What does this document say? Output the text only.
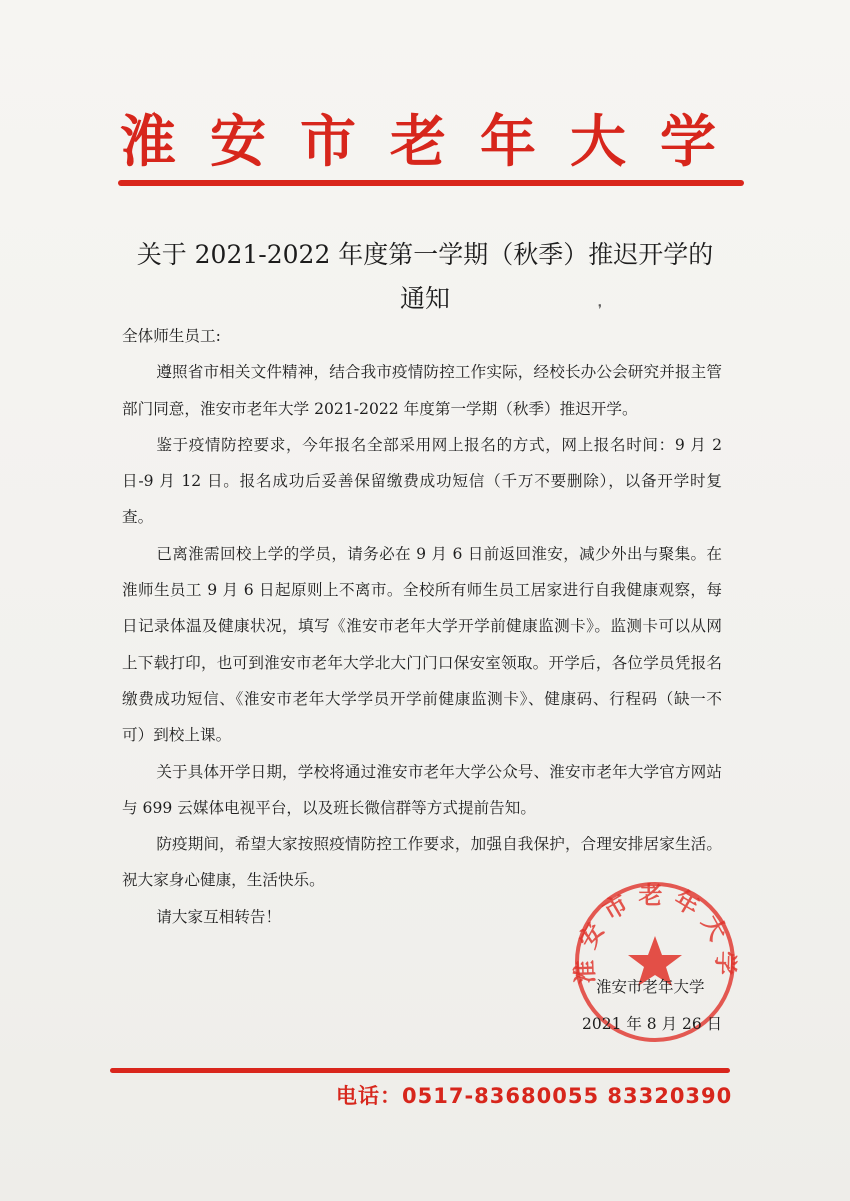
淮安市老年大学
关于 2021-2022 年度第一学期（秋季）推迟开学的
通知	❜

全体师生员工:

遵照省市相关文件精神，结合我市疫情防控工作实际，经校长办公会研究并报主管部门同意，淮安市老年大学 2021-2022 年度第一学期（秋季）推迟开学。

鉴于疫情防控要求，今年报名全部采用网上报名的方式，网上报名时间：9 月 2 日-9 月 12 日。报名成功后妥善保留缴费成功短信（千万不要删除），以备开学时复查。

已离淮需回校上学的学员，请务必在 9 月 6 日前返回淮安，减少外出与聚集。在淮师生员工 9 月 6 日起原则上不离市。全校所有师生员工居家进行自我健康观察，每日记录体温及健康状况，填写《淮安市老年大学开学前健康监测卡》。监测卡可以从网上下载打印，也可到淮安市老年大学北大门门口保安室领取。开学后，各位学员凭报名缴费成功短信、《淮安市老年大学学员开学前健康监测卡》、健康码、行程码（缺一不可）到校上课。

关于具体开学日期，学校将通过淮安市老年大学公众号、淮安市老年大学官方网站与 699 云媒体电视平台，以及班长微信群等方式提前告知。

防疫期间，希望大家按照疫情防控工作要求，加强自我保护，合理安排居家生活。祝大家身心健康，生活快乐。

请大家互相转告！

淮安市老年大学
淮安市老年大学
2021 年 8 月 26 日
电话：0517-83680055 83320390
